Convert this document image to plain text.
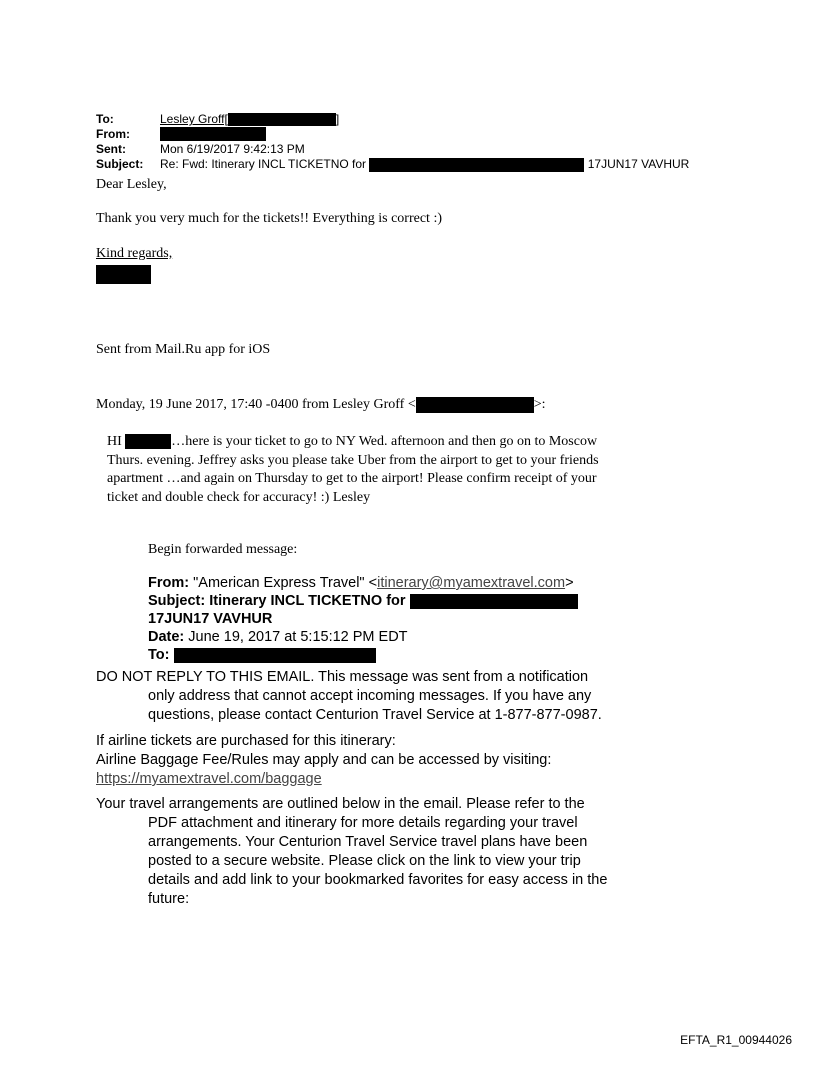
To:	Lesley Groff[	]
From:
Sent:	Mon 6/19/2017 9:42:13 PM
Subject: Re: Fwd: Itinerary INCL TICKETNO for	17JUN17 VAVHUR
Dear Lesley,
Thank you very much for the tickets!! Everything is correct :)
Kind regards,
Sent from Mail.Ru app for iOS
Monday, 19 June 2017, 17:40 -0400 from Lesley Groff <	>:
HI	…here is your ticket to go to NY Wed. afternoon and then go on to Moscow
Thurs. evening. Jeffrey asks you please take Uber from the airport to get to your friends
apartment …and again on Thursday to get to the airport! Please confirm receipt of your
ticket and double check for accuracy! :) Lesley
Begin forwarded message:
From: "American Express Travel" <itinerary@myamextravel.com>
Subject: Itinerary INCL TICKETNO for
17JUN17 VAVHUR
Date: June 19, 2017 at 5:15:12 PM EDT
To:
DO NOT REPLY TO THIS EMAIL. This message was sent from a notification
only address that cannot accept incoming messages. If you have any
questions, please contact Centurion Travel Service at 1-877-877-0987.
If airline tickets are purchased for this itinerary:
Airline Baggage Fee/Rules may apply and can be accessed by visiting:
https://myamextravel.com/baggage
Your travel arrangements are outlined below in the email. Please refer to the
PDF attachment and itinerary for more details regarding your travel
arrangements. Your Centurion Travel Service travel plans have been
posted to a secure website. Please click on the link to view your trip
details and add link to your bookmarked favorites for easy access in the
future:
EFTA_R1_00944026
